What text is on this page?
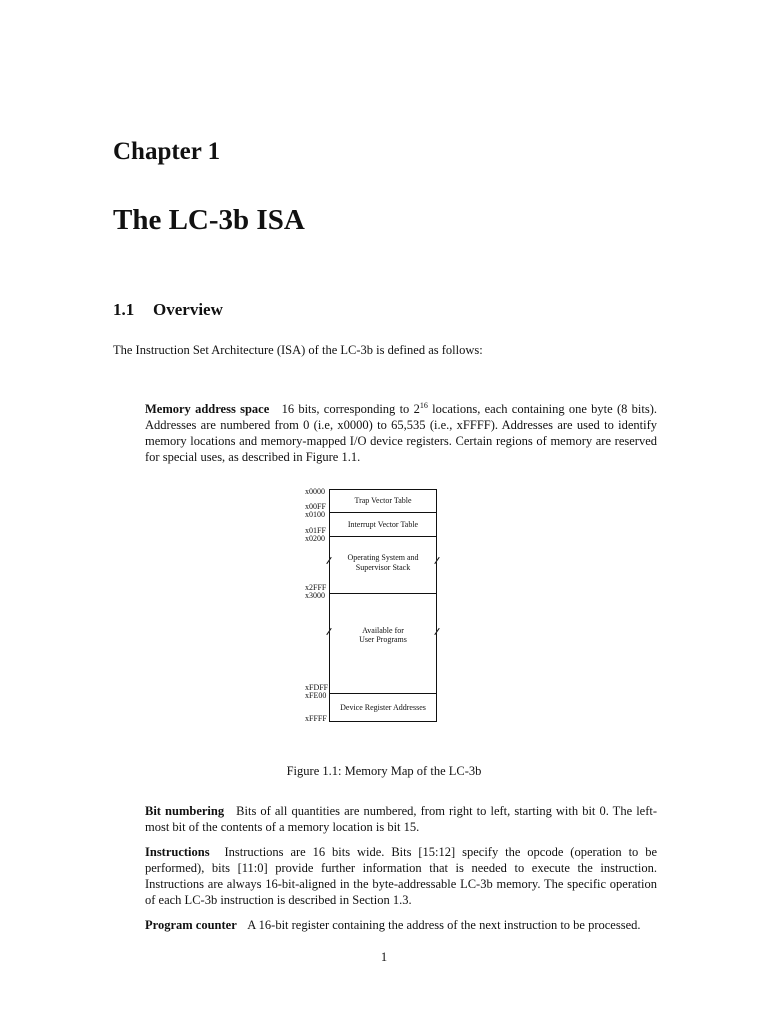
Chapter 1
The LC-3b ISA
1.1 Overview
The Instruction Set Architecture (ISA) of the LC-3b is defined as follows:
Memory address space 16 bits, corresponding to $2^{16}$ locations, each containing one byte (8 bits). Addresses are numbered from 0 (i.e, x0000) to 65,535 (i.e., xFFFF). Addresses are used to identify memory locations and memory-mapped I/O device registers. Certain regions of memory are reserved for special uses, as described in Figure 1.1.
x0000
x00FF
x0100
x01FF
x0200
x2FFF
x3000
xFDFF
xFE00
xFFFF
Trap Vector Table
Interrupt Vector Table
Operating System and
Supervisor Stack
Available for
User Programs
Device Register Addresses
Figure 1.1: Memory Map of the LC-3b
Bit numbering Bits of all quantities are numbered, from right to left, starting with bit 0. The left-most bit of the contents of a memory location is bit 15.
Instructions Instructions are 16 bits wide. Bits [15:12] specify the opcode (operation to be performed), bits [11:0] provide further information that is needed to execute the instruction. Instructions are always 16-bit-aligned in the byte-addressable LC-3b memory. The specific operation of each LC-3b instruction is described in Section 1.3.
Program counter A 16-bit register containing the address of the next instruction to be processed.
1
